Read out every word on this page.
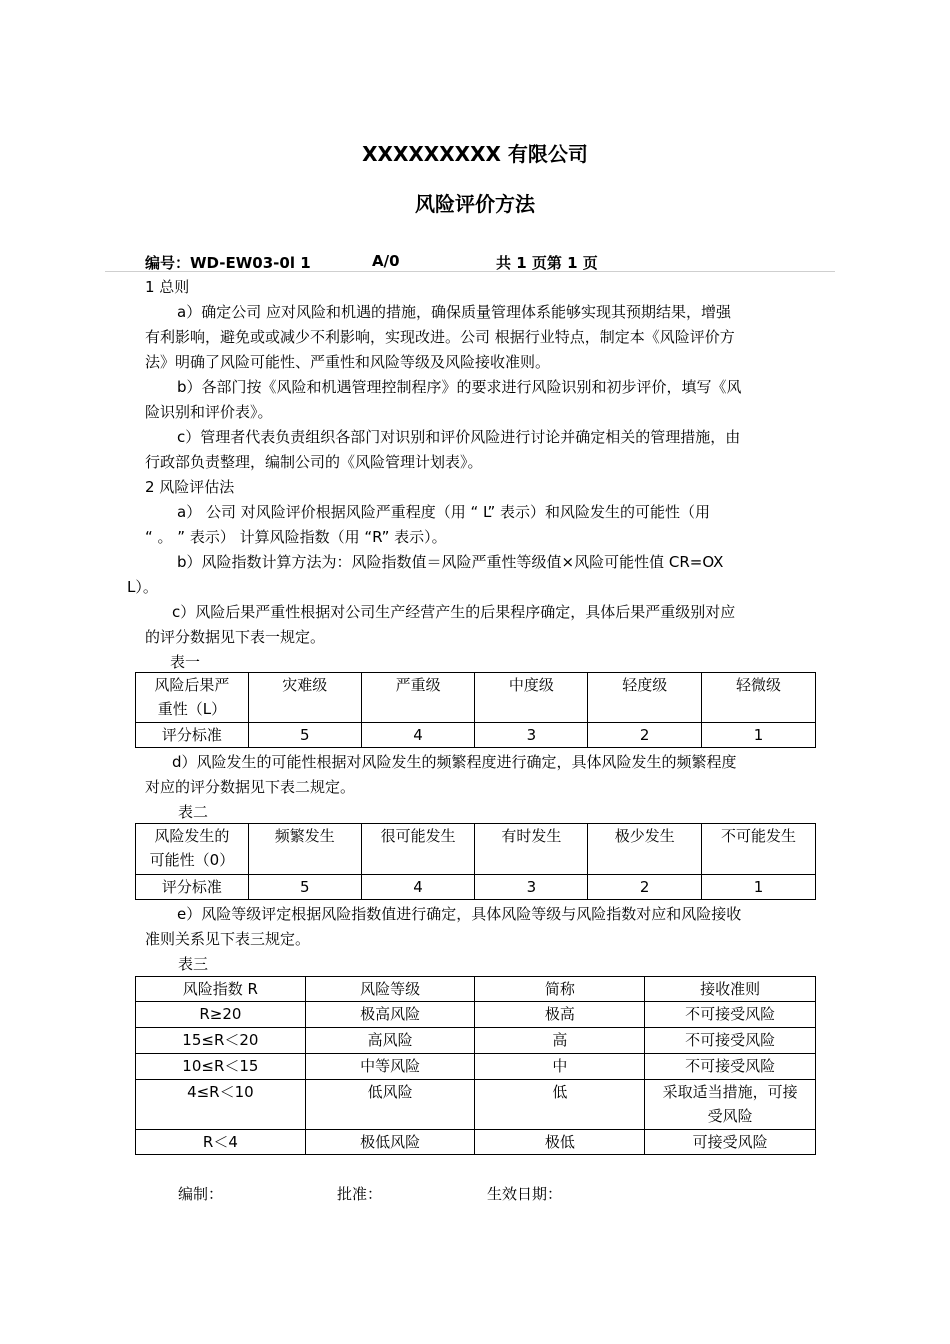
XXXXXXXXX 有限公司
风险评价方法
编号：WD-EW03-0l 1	A/0	共 1 页第 1 页
1 总则
a）确定公司 应对风险和机遇的措施，确保质量管理体系能够实现其预期结果，增强
有利影响，避免或或减少不利影响，实现改进。公司 根据行业特点，制定本《风险评价方
法》明确了风险可能性、严重性和风险等级及风险接收准则。
b）各部门按《风险和机遇管理控制程序》的要求进行风险识别和初步评价，填写《风
险识别和评价表》。
c）管理者代表负责组织各部门对识别和评价风险进行讨论并确定相关的管理措施，由
行政部负责整理，编制公司的《风险管理计划表》。
2 风险评估法
a） 公司 对风险评价根据风险严重程度（用 “ L” 表示）和风险发生的可能性（用
“ 。 ” 表示） 计算风险指数（用 “R” 表示）。
b）风险指数计算方法为：风险指数值＝风险严重性等级值×风险可能性值 CR=OX
L）。
c）风险后果严重性根据对公司生产经营产生的后果程序确定，具体后果严重级别对应
的评分数据见下表一规定。
表一
风险后果严
重性（L）	灾难级	严重级	中度级	轻度级	轻微级
评分标准	5	4	3	2	1
d）风险发生的可能性根据对风险发生的频繁程度进行确定，具体风险发生的频繁程度
对应的评分数据见下表二规定。
表二
风险发生的
可能性（0）	频繁发生	很可能发生	有时发生	极少发生	不可能发生
评分标准	5	4	3	2	1
e）风险等级评定根据风险指数值进行确定，具体风险等级与风险指数对应和风险接收
准则关系见下表三规定。
表三
风险指数 R	风险等级	简称	接收准则
R≥20	极高风险	极高	不可接受风险
15≤R＜20	高风险	高	不可接受风险
10≤R＜15	中等风险	中	不可接受风险
4≤R＜10	低风险	低	采取适当措施，可接
受风险

R＜4	极低风险	极低	可接受风险
编制：	批准：	生效日期：
